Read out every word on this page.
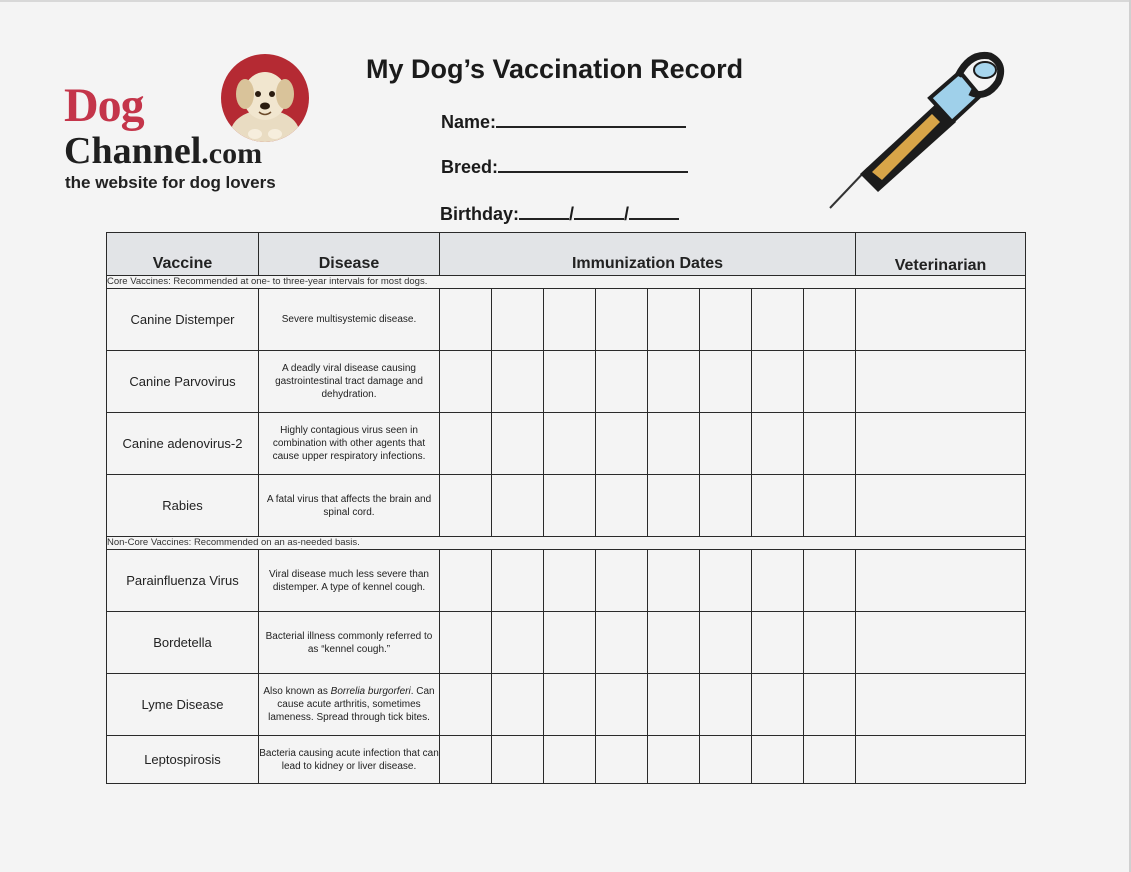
Dog
Channel.com
the website for dog lovers
My Dog’s Vaccination Record
Name:
Breed:
Birthday:	/	/
Vaccine	Disease	Immunization Dates								Veterinarian
Core Vaccines: Recommended at one- to three-year intervals for most dogs.										
Canine Distemper	Severe multisystemic disease.									
Canine Parvovirus	A deadly viral disease causing gastrointestinal tract damage and dehydration.									
Canine adenovirus-2	Highly contagious virus seen in combination with other agents that cause upper respiratory infections.									
Rabies	A fatal virus that affects the brain and spinal cord.									
Non-Core Vaccines: Recommended on an as-needed basis.										
Parainfluenza Virus	Viral disease much less severe than distemper. A type of kennel cough.									
Bordetella	Bacterial illness commonly referred to as “kennel cough.”									
Lyme Disease	Also known as Borrelia burgorferi. Can cause acute arthritis, sometimes lameness. Spread through tick bites.									
Leptospirosis	Bacteria causing acute infection that can lead to kidney or liver disease.									
